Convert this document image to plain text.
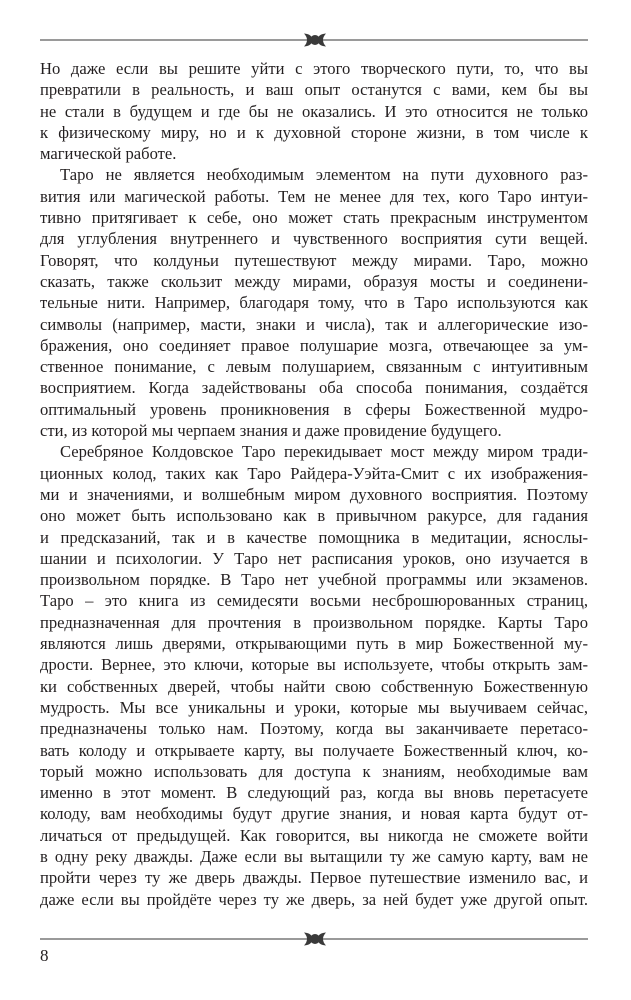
Но даже если вы решите уйти с этого творческого пути, то, что вы
превратили в реальность, и ваш опыт останутся с вами, кем бы вы
не стали в будущем и где бы не оказались. И это относится не только
к физическому миру, но и к духовной стороне жизни, в том числе к
магической работе.
Таро не является необходимым элементом на пути духовного раз-
вития или магической работы. Тем не менее для тех, кого Таро интуи-
тивно притягивает к себе, оно может стать прекрасным инструментом
для углубления внутреннего и чувственного восприятия сути вещей.
Говорят, что колдуньи путешествуют между мирами. Таро, можно
сказать, также скользит между мирами, образуя мосты и соединени-
тельные нити. Например, благодаря тому, что в Таро используются как
символы (например, масти, знаки и числа), так и аллегорические изо-
бражения, оно соединяет правое полушарие мозга, отвечающее за ум-
ственное понимание, с левым полушарием, связанным с интуитивным
восприятием. Когда задействованы оба способа понимания, создаётся
оптимальный уровень проникновения в сферы Божественной мудро-
сти, из которой мы черпаем знания и даже провидение будущего.
Серебряное Колдовское Таро перекидывает мост между миром тради-
ционных колод, таких как Таро Райдера-Уэйта-Смит с их изображения-
ми и значениями, и волшебным миром духовного восприятия. Поэтому
оно может быть использовано как в привычном ракурсе, для гадания
и предсказаний, так и в качестве помощника в медитации, яснослы-
шании и психологии. У Таро нет расписания уроков, оно изучается в
произвольном порядке. В Таро нет учебной программы или экзаменов.
Таро – это книга из семидесяти восьми несброшюрованных страниц,
предназначенная для прочтения в произвольном порядке. Карты Таро
являются лишь дверями, открывающими путь в мир Божественной му-
дрости. Вернее, это ключи, которые вы используете, чтобы открыть зам-
ки собственных дверей, чтобы найти свою собственную Божественную
мудрость. Мы все уникальны и уроки, которые мы выучиваем сейчас,
предназначены только нам. Поэтому, когда вы заканчиваете перетасо-
вать колоду и открываете карту, вы получаете Божественный ключ, ко-
торый можно использовать для доступа к знаниям, необходимые вам
именно в этот момент. В следующий раз, когда вы вновь перетасуете
колоду, вам необходимы будут другие знания, и новая карта будут от-
личаться от предыдущей. Как говорится, вы никогда не сможете войти
в одну реку дважды. Даже если вы вытащили ту же самую карту, вам не
пройти через ту же дверь дважды. Первое путешествие изменило вас, и
даже если вы пройдёте через ту же дверь, за ней будет уже другой опыт.
8
